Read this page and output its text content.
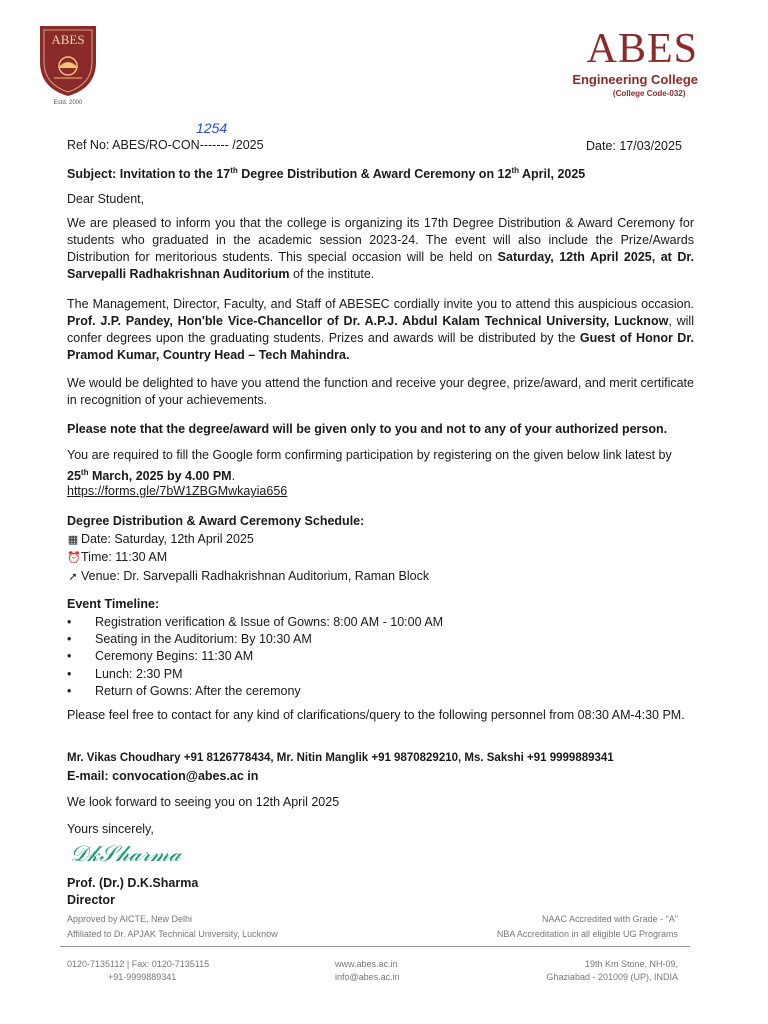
ABES
Estd. 2000
ABES
Engineering College
(College Code-032)
Ref No: ABES/RO-CON------- /2025
1254
Date: 17/03/2025
Subject: Invitation to the 17th Degree Distribution & Award Ceremony on 12th April, 2025
Dear Student,
We are pleased to inform you that the college is organizing its 17th Degree Distribution & Award Ceremony for students who graduated in the academic session 2023-24. The event will also include the Prize/Awards Distribution for meritorious students. This special occasion will be held on Saturday, 12th April 2025, at Dr. Sarvepalli Radhakrishnan Auditorium of the institute.
The Management, Director, Faculty, and Staff of ABESEC cordially invite you to attend this auspicious occasion. Prof. J.P. Pandey, Hon'ble Vice-Chancellor of Dr. A.P.J. Abdul Kalam Technical University, Lucknow, will confer degrees upon the graduating students. Prizes and awards will be distributed by the Guest of Honor Dr. Pramod Kumar, Country Head – Tech Mahindra.
We would be delighted to have you attend the function and receive your degree, prize/award, and merit certificate in recognition of your achievements.
Please note that the degree/award will be given only to you and not to any of your authorized person.
You are required to fill the Google form confirming participation by registering on the given below link latest by 25th March, 2025 by 4.00 PM.
https://forms.gle/7bW1ZBGMwkayia656
Degree Distribution & Award Ceremony Schedule:
▦ Date: Saturday, 12th April 2025
⏰Time: 11:30 AM
➚ Venue: Dr. Sarvepalli Radhakrishnan Auditorium, Raman Block
Event Timeline:
• Registration verification & Issue of Gowns: 8:00 AM - 10:00 AM
• Seating in the Auditorium: By 10:30 AM
• Ceremony Begins: 11:30 AM
• Lunch: 2:30 PM
• Return of Gowns: After the ceremony
Please feel free to contact for any kind of clarifications/query to the following personnel from 08:30 AM-4:30 PM.
Mr. Vikas Choudhary +91 8126778434, Mr. Nitin Manglik +91 9870829210, Ms. Sakshi +91 9999889341
E-mail: convocation@abes.ac in
We look forward to seeing you on 12th April 2025
Yours sincerely,
𝒟𝓀𝒮𝒽𝒶𝓇𝓂𝒶
Prof. (Dr.) D.K.Sharma
Director
Approved by AICTE, New Delhi
Affiliated to Dr. APJAK Technical University, Lucknow
NAAC Accredited with Grade - "A"
NBA Accreditation in all eligible UG Programs
0120-7135112 | Fax: 0120-7135115
+91-9999889341
www.abes.ac.in
info@abes.ac.in
19th Km Stone, NH-09,
Ghaziabad - 201009 (UP), INDIA
